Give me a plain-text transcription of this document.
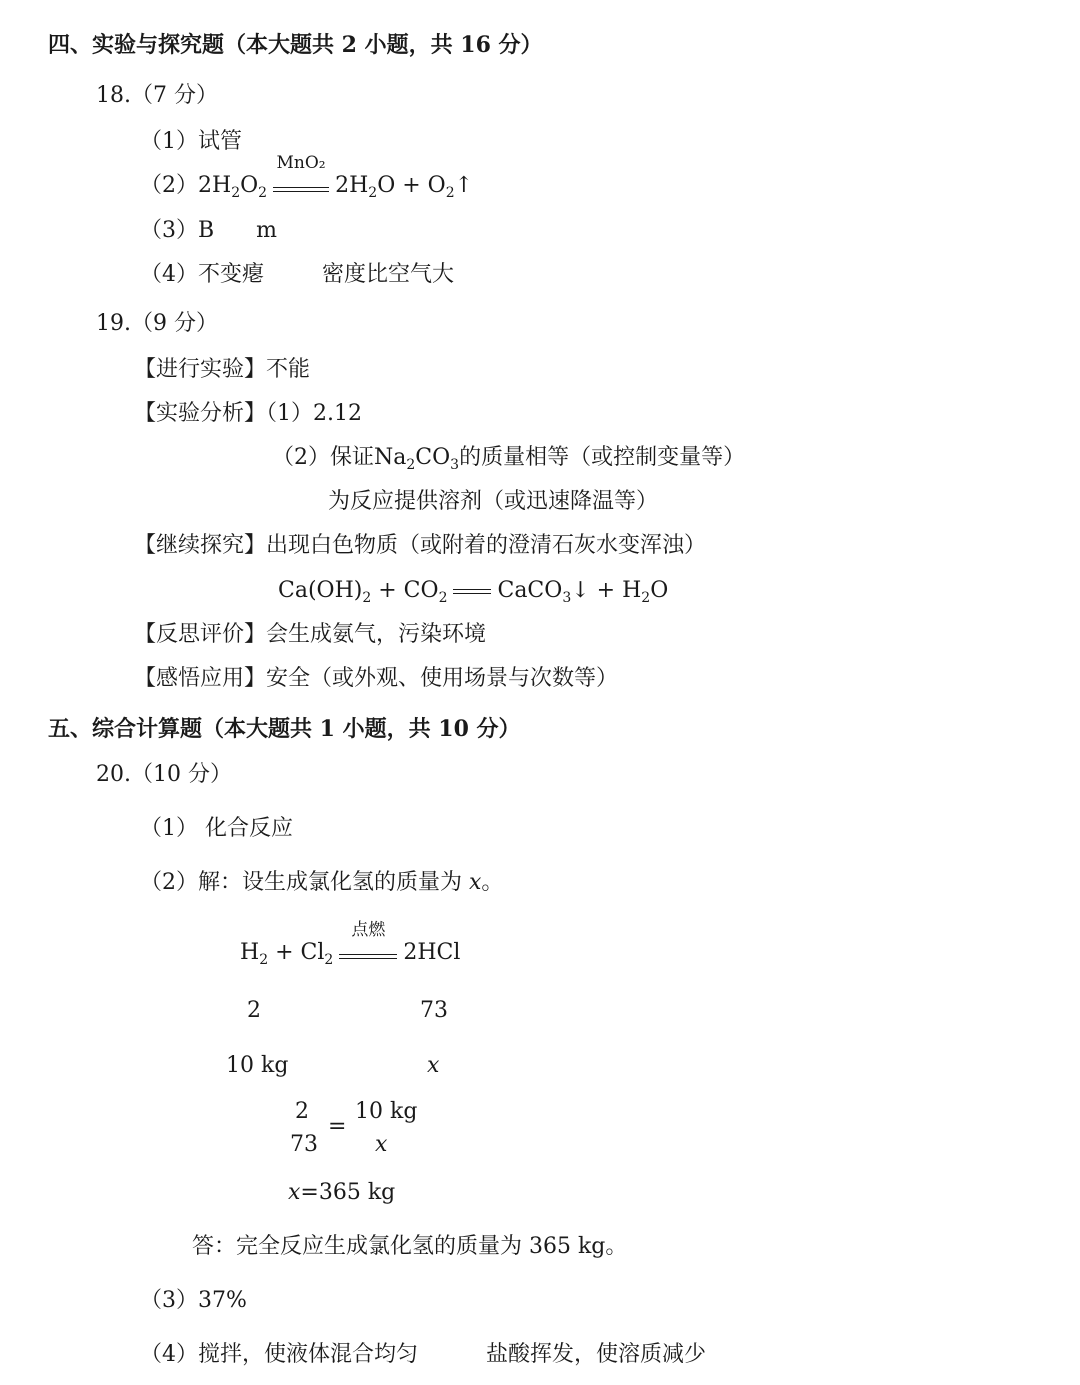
四、实验与探究题（本大题共 2 小题，共 16 分）
18.（7 分）
（1）试管
$(2)2H_2O_2$
MnO₂
$2H_2O$ + $O_2↑$
（3）B      m
（4）不变瘪	密度比空气大
19.（9 分）
【进行实验】不能
【实验分析】（1）2.12
（2）保证$Na_2CO_3$的质量相等（或控制变量等）
为反应提供溶剂（或迅速降温等）
【继续探究】出现白色物质（或附着的澄清石灰水变浑浊）
$Ca(OH)_2 + CO_2$ CaCO$_3$↓ + $H_2O$
【反思评价】会生成氨气，污染环境
【感悟应用】安全（或外观、使用场景与次数等）
五、综合计算题（本大题共 1 小题，共 10 分）
20.（10 分）
（1） 化合反应
（2）解：设生成氯化氢的质量为 x。
$H_2 + Cl_2$
点燃
2HCl
2	73
10 kg	x
2
73
=
10 kg
x
x=365 kg
答：完全反应生成氯化氢的质量为 365 kg。
（3）37%
（4）搅拌，使液体混合均匀	盐酸挥发，使溶质减少
